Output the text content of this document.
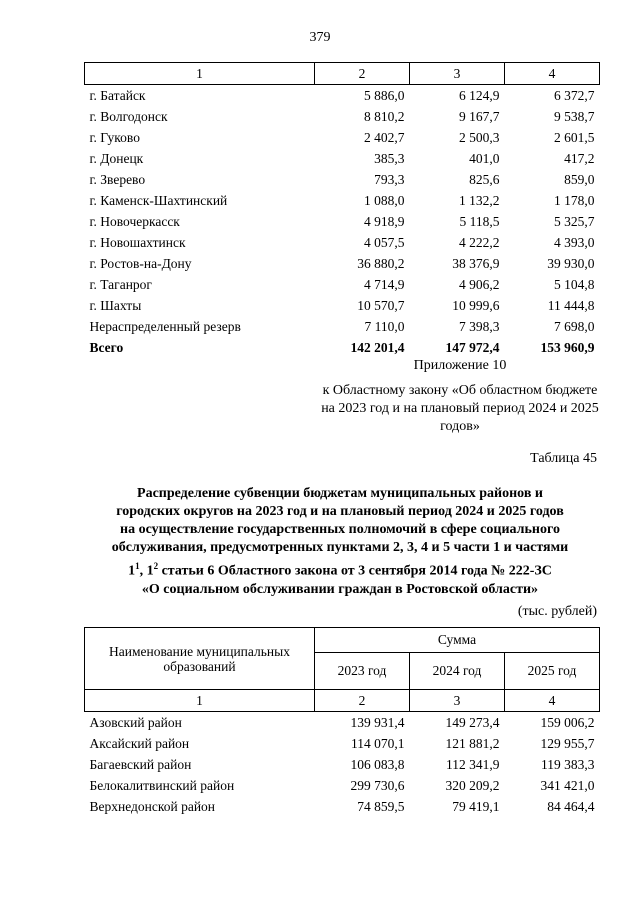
379
1	2	3	4
г. Батайск	5 886,0	6 124,9	6 372,7
г. Волгодонск	8 810,2	9 167,7	9 538,7
г. Гуково	2 402,7	2 500,3	2 601,5
г. Донецк	385,3	401,0	417,2
г. Зверево	793,3	825,6	859,0
г. Каменск-Шахтинский	1 088,0	1 132,2	1 178,0
г. Новочеркасск	4 918,9	5 118,5	5 325,7
г. Новошахтинск	4 057,5	4 222,2	4 393,0
г. Ростов-на-Дону	36 880,2	38 376,9	39 930,0
г. Таганрог	4 714,9	4 906,2	5 104,8
г. Шахты	10 570,7	10 999,6	11 444,8
Нераспределенный резерв	7 110,0	7 398,3	7 698,0
Всего	142 201,4	147 972,4	153 960,9
Приложение 10
к Областному закону «Об областном бюджете на 2023 год и на плановый период 2024 и 2025 годов»
Таблица 45
Распределение субвенции бюджетам муниципальных районов и
городских округов на 2023 год и на плановый период 2024 и 2025 годов
на осуществление государственных полномочий в сфере социального
обслуживания, предусмотренных пунктами 2, 3, 4 и 5 части 1 и частями
$1^1$, $1^2$ статьи 6 Областного закона от 3 сентября 2014 года № 222-ЗС
«О социальном обслуживании граждан в Ростовской области»
(тыс. рублей)
Наименование муниципальных образований	Сумма		
	2023 год	2024 год	2025 год
1	2	3	4
Азовский район	139 931,4	149 273,4	159 006,2
Аксайский район	114 070,1	121 881,2	129 955,7
Багаевский район	106 083,8	112 341,9	119 383,3
Белокалитвинский район	299 730,6	320 209,2	341 421,0
Верхнедонской район	74 859,5	79 419,1	84 464,4
